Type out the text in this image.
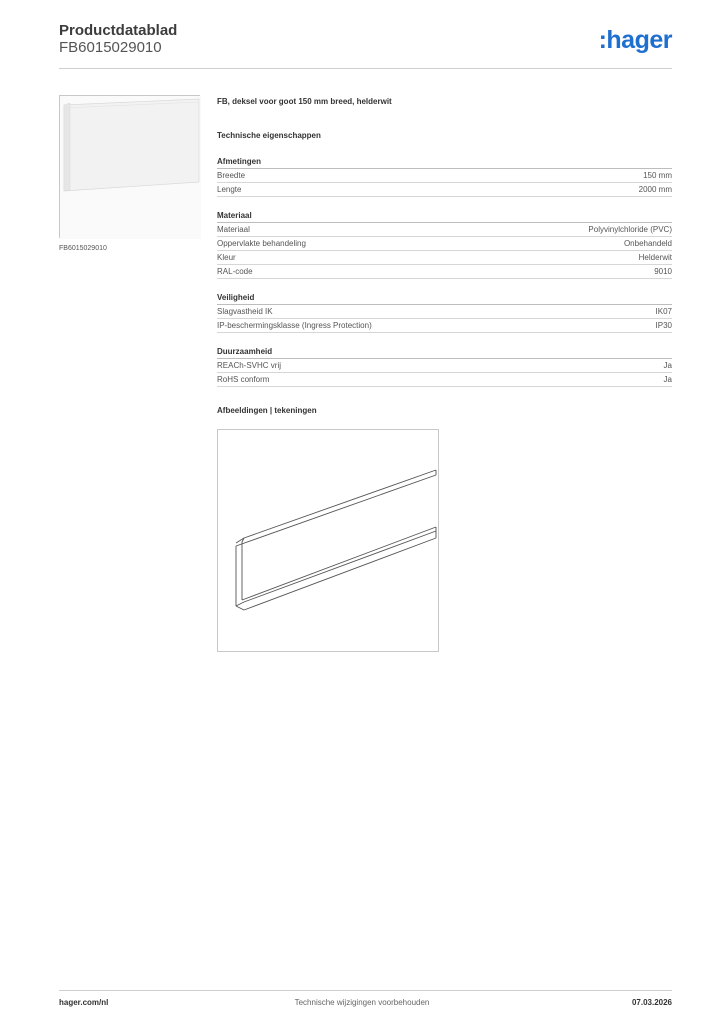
Productdatablad
FB6015029010	:hager
FB6015029010
FB, deksel voor goot 150 mm breed, helderwit
Technische eigenschappen
Afmetingen
Breedte	150 mm
Lengte	2000 mm
Materiaal
Materiaal	Polyvinylchloride (PVC)
Oppervlakte behandeling	Onbehandeld
Kleur	Helderwit
RAL-code	9010
Veiligheid
Slagvastheid IK	IK07
IP-beschermingsklasse (Ingress Protection)	IP30
Duurzaamheid
REACh-SVHC vrij	Ja
RoHS conform	Ja
Afbeeldingen | tekeningen
hager.com/nl	Technische wijzigingen voorbehouden	07.03.2026
